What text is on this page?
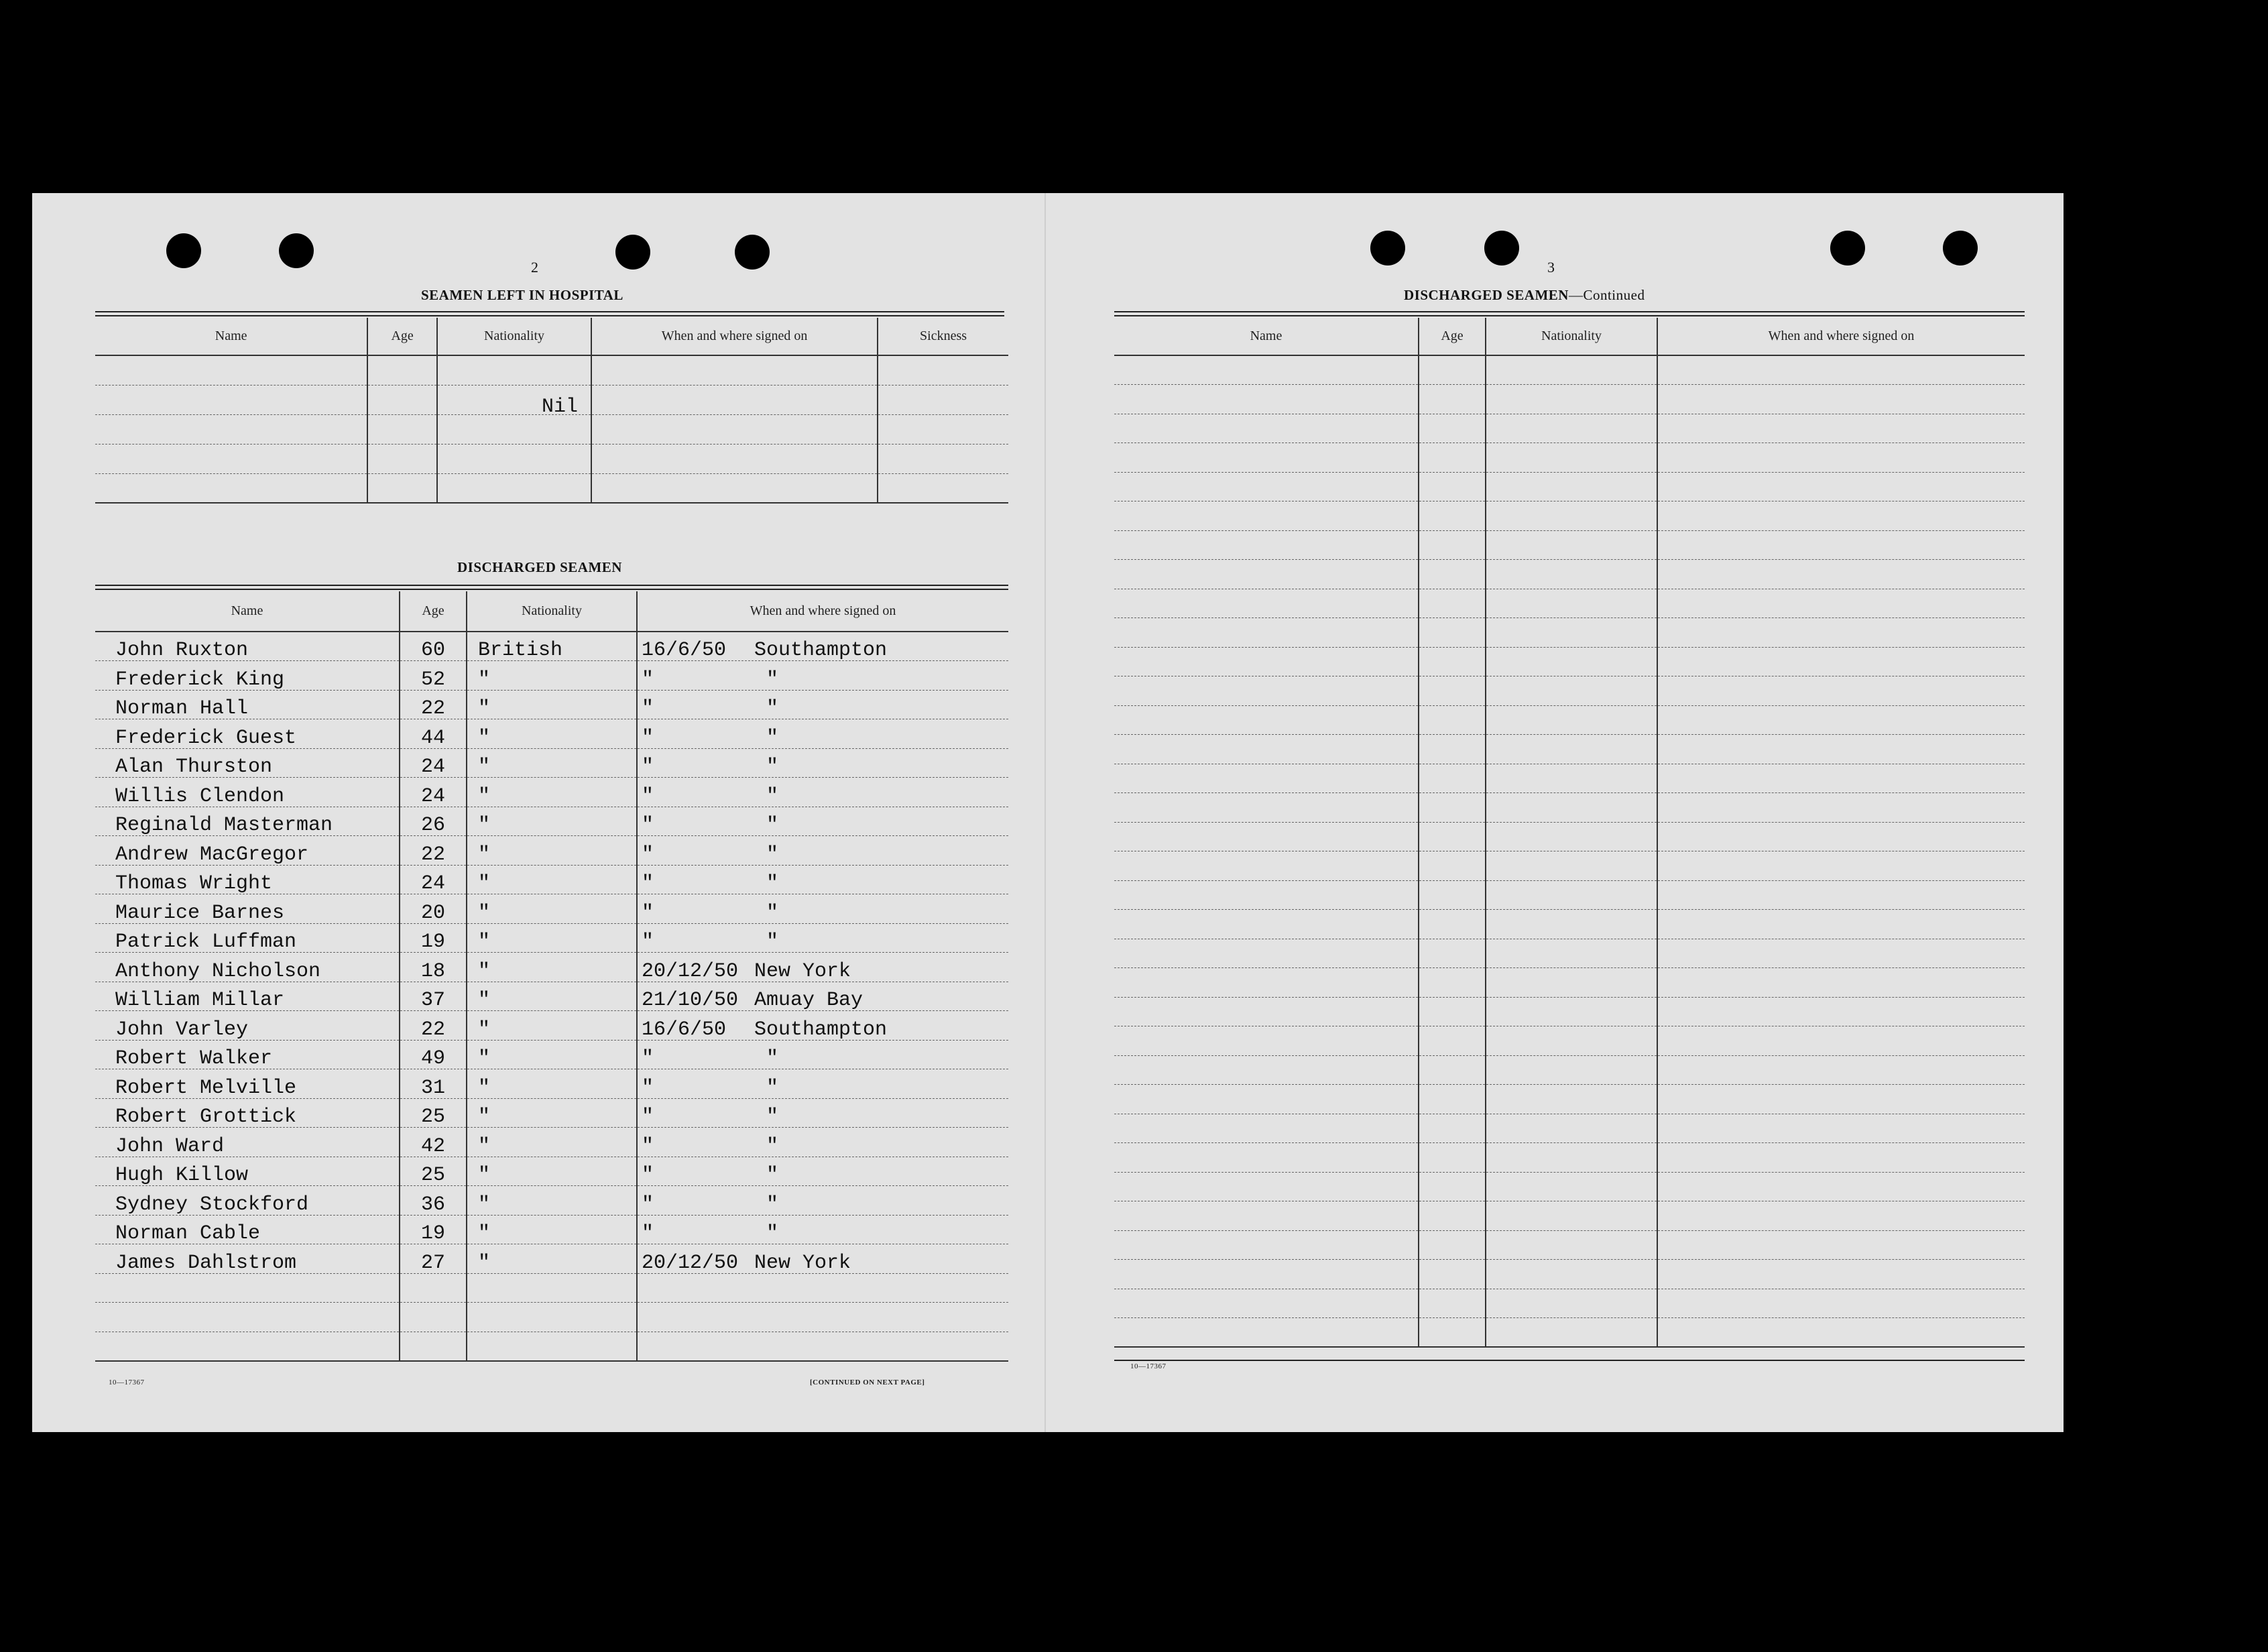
2
SEAMEN LEFT IN HOSPITAL
Name	Age	Nationality	When and where signed on	Sickness

Nil
DISCHARGED SEAMEN
Name	Age	Nationality	When and where signed on
John Ruxton	60	British	16/6/50 Southampton
Frederick King	52	"	" "
Norman Hall	22	"	" "
Frederick Guest	44	"	" "
Alan Thurston	24	"	" "
Willis Clendon	24	"	" "
Reginald Masterman	26	"	" "
Andrew MacGregor	22	"	" "
Thomas Wright	24	"	" "
Maurice Barnes	20	"	" "
Patrick Luffman	19	"	" "
Anthony Nicholson	18	"	20/12/50 New York
William Millar	37	"	21/10/50 Amuay Bay
John Varley	22	"	16/6/50 Southampton
Robert Walker	49	"	" "
Robert Melville	31	"	" "
Robert Grottick	25	"	" "
John Ward	42	"	" "
Hugh Killow	25	"	" "
Sydney Stockford	36	"	" "
Norman Cable	19	"	" "
James Dahlstrom	27	"	20/12/50 New York

10—17367	[CONTINUED ON NEXT PAGE]
3
DISCHARGED SEAMEN—Continued
Name	Age	Nationality	When and where signed on

10—17367
